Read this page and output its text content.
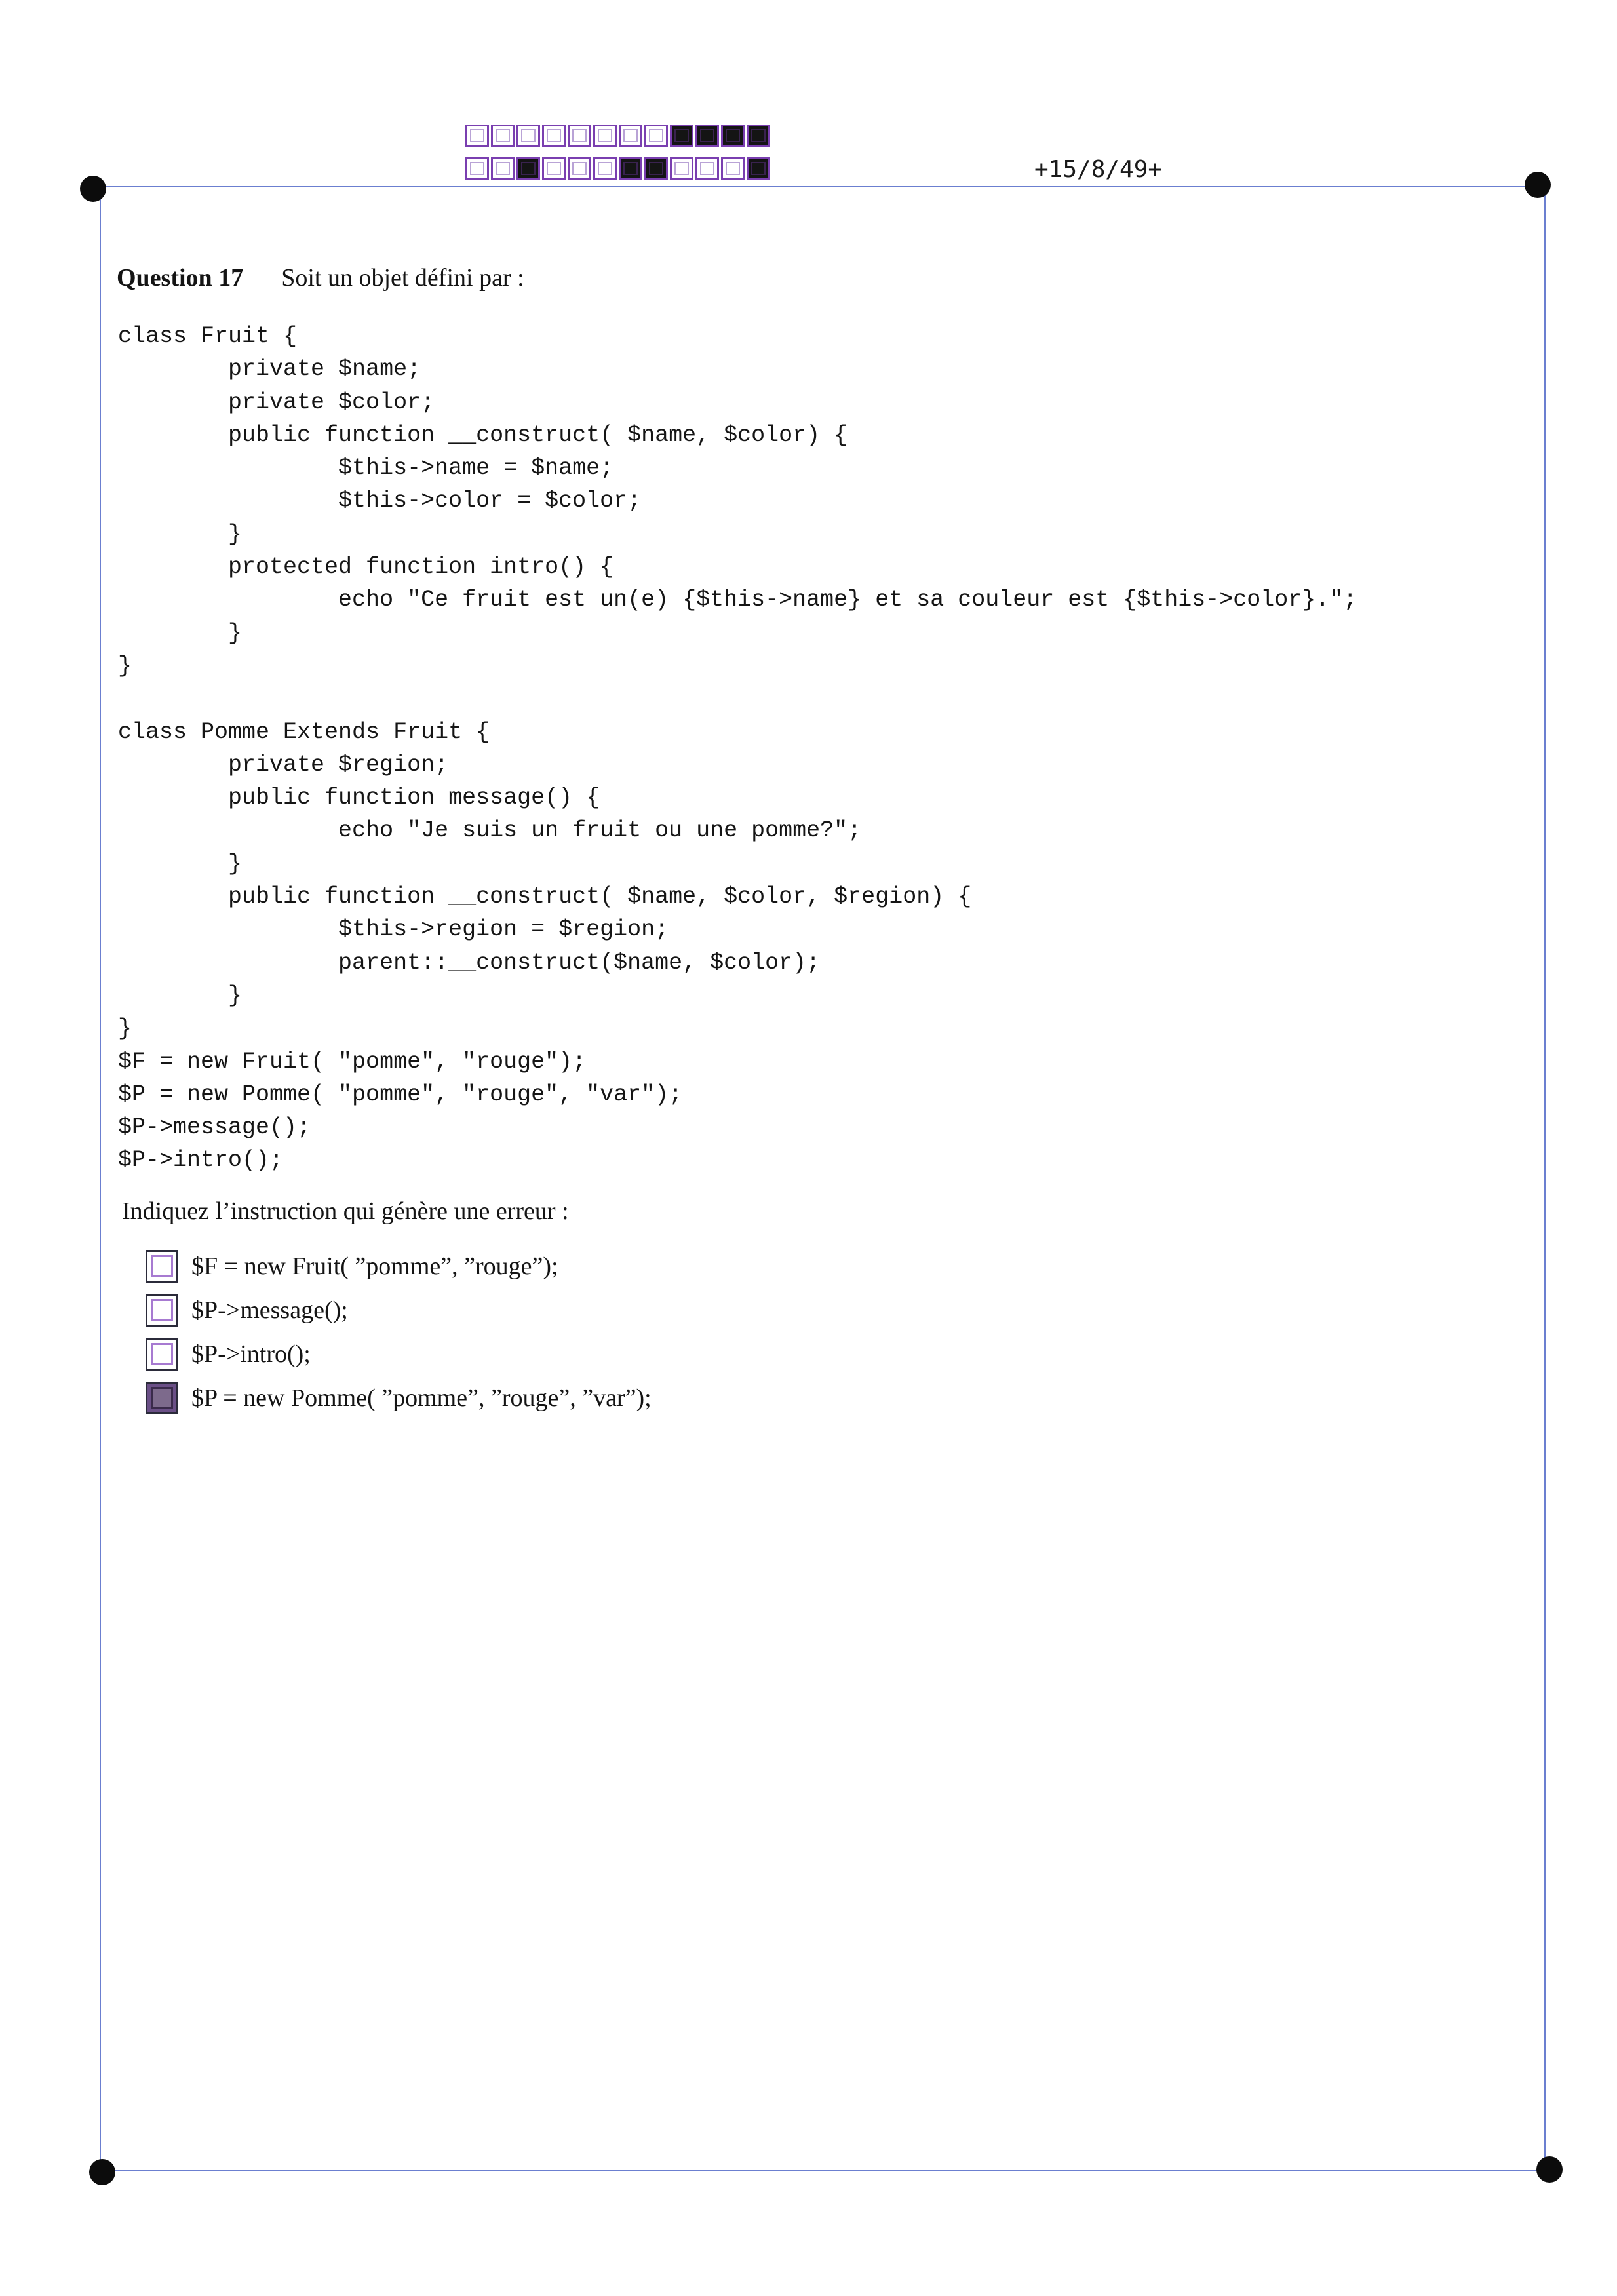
+15/8/49+
Question 17 Soit un objet défini par :
class Fruit {
private $name;
private $color;
public function __construct( $name, $color) {
$this->name = $name;
$this->color = $color;
}
protected function intro() {
echo "Ce fruit est un(e) {$this->name} et sa couleur est {$this->color}.";
}
}

class Pomme Extends Fruit {
private $region;
public function message() {
echo "Je suis un fruit ou une pomme?";
}
public function __construct( $name, $color, $region) {
$this->region = $region;
parent::__construct($name, $color);
}
}
$F = new Fruit( "pomme", "rouge");
$P = new Pomme( "pomme", "rouge", "var");
$P->message();
$P->intro();
Indiquez l’instruction qui génère une erreur :
$F = new Fruit( ”pomme”, ”rouge”);
$P->message();
$P->intro();
$P = new Pomme( ”pomme”, ”rouge”, ”var”);
